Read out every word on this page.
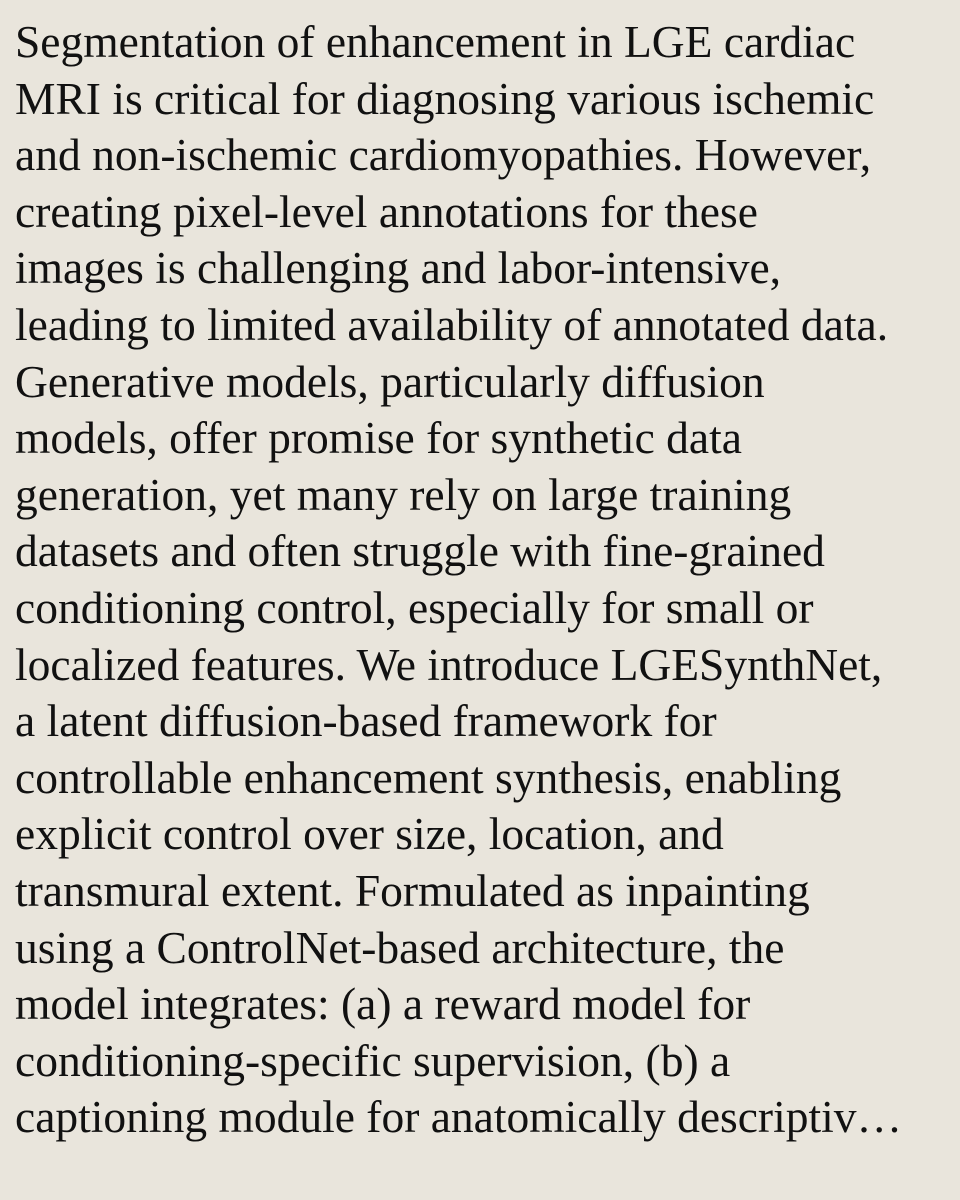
Segmentation of enhancement in LGE cardiac
MRI is critical for diagnosing various ischemic
and non-ischemic cardiomyopathies. However,
creating pixel-level annotations for these
images is challenging and labor-intensive,
leading to limited availability of annotated data.
Generative models, particularly diffusion
models, offer promise for synthetic data
generation, yet many rely on large training
datasets and often struggle with fine-grained
conditioning control, especially for small or
localized features. We introduce LGESynthNet,
a latent diffusion-based framework for
controllable enhancement synthesis, enabling
explicit control over size, location, and
transmural extent. Formulated as inpainting
using a ControlNet-based architecture, the
model integrates: (a) a reward model for
conditioning-specific supervision, (b) a
captioning module for anatomically descriptiv…
